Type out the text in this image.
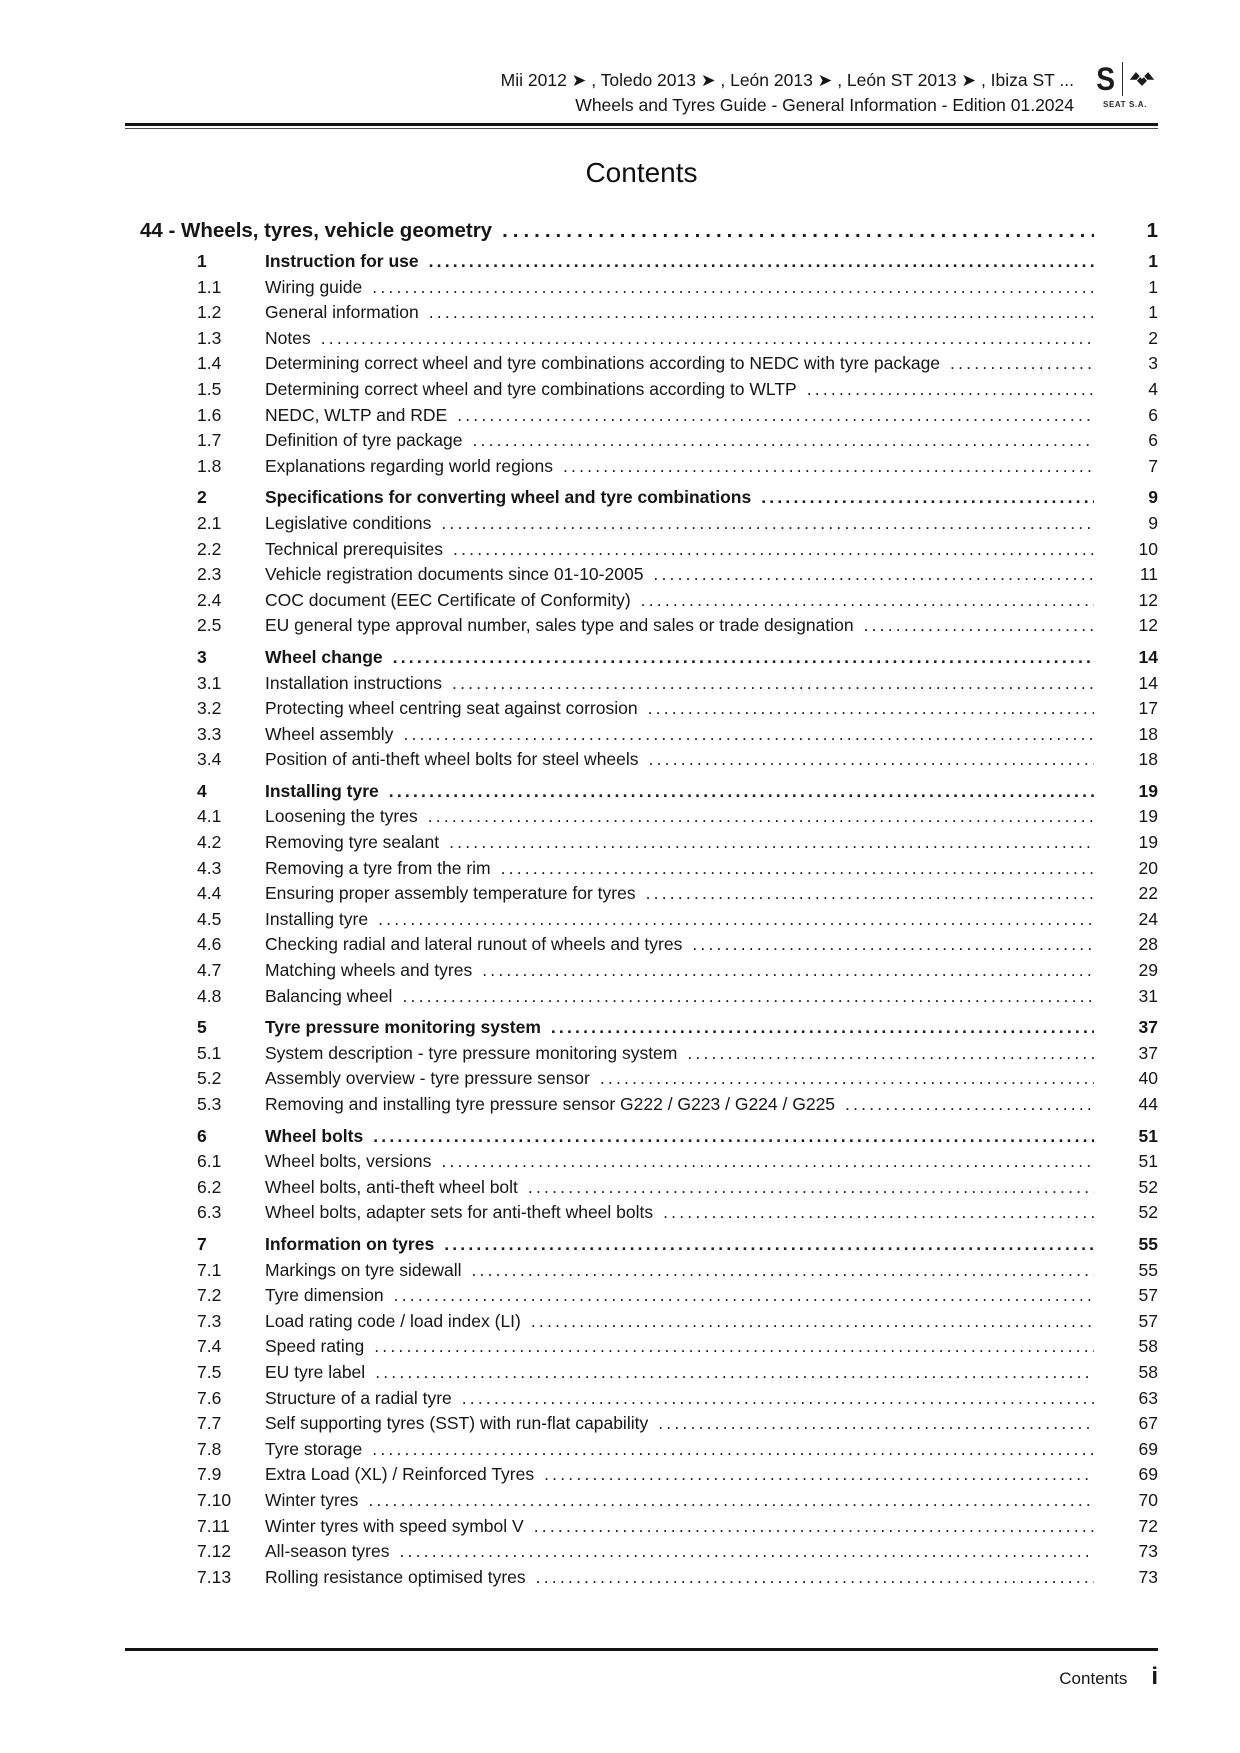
Mii 2012 ➤ , Toledo 2013 ➤ , León 2013 ➤ , León ST 2013 ➤ , Ibiza ST ...
Wheels and Tyres Guide - General Information - Edition 01.2024
S
SEAT S.A.
Contents
44 - Wheels, tyres, vehicle geometry .....	1
1	Instruction for use .....	1
1.1	Wiring guide .....	1
1.2	General information .....	1
1.3	Notes .....	2
1.4	Determining correct wheel and tyre combinations according to NEDC with tyre package .....	3
1.5	Determining correct wheel and tyre combinations according to WLTP .....	4
1.6	NEDC, WLTP and RDE .....	6
1.7	Definition of tyre package .....	6
1.8	Explanations regarding world regions .....	7
2	Specifications for converting wheel and tyre combinations .....	9
2.1	Legislative conditions .....	9
2.2	Technical prerequisites .....	10
2.3	Vehicle registration documents since 01-10-2005 .....	11
2.4	COC document (EEC Certificate of Conformity) .....	12
2.5	EU general type approval number, sales type and sales or trade designation .....	12
3	Wheel change .....	14
3.1	Installation instructions .....	14
3.2	Protecting wheel centring seat against corrosion .....	17
3.3	Wheel assembly .....	18
3.4	Position of anti-theft wheel bolts for steel wheels .....	18
4	Installing tyre .....	19
4.1	Loosening the tyres .....	19
4.2	Removing tyre sealant .....	19
4.3	Removing a tyre from the rim .....	20
4.4	Ensuring proper assembly temperature for tyres .....	22
4.5	Installing tyre .....	24
4.6	Checking radial and lateral runout of wheels and tyres .....	28
4.7	Matching wheels and tyres .....	29
4.8	Balancing wheel .....	31
5	Tyre pressure monitoring system .....	37
5.1	System description - tyre pressure monitoring system .....	37
5.2	Assembly overview - tyre pressure sensor .....	40
5.3	Removing and installing tyre pressure sensor G222 / G223 / G224 / G225 .....	44
6	Wheel bolts .....	51
6.1	Wheel bolts, versions .....	51
6.2	Wheel bolts, anti-theft wheel bolt .....	52
6.3	Wheel bolts, adapter sets for anti-theft wheel bolts .....	52
7	Information on tyres .....	55
7.1	Markings on tyre sidewall .....	55
7.2	Tyre dimension .....	57
7.3	Load rating code / load index (LI) .....	57
7.4	Speed rating .....	58
7.5	EU tyre label .....	58
7.6	Structure of a radial tyre .....	63
7.7	Self supporting tyres (SST) with run-flat capability .....	67
7.8	Tyre storage .....	69
7.9	Extra Load (XL) / Reinforced Tyres .....	69
7.10	Winter tyres .....	70
7.11	Winter tyres with speed symbol V .....	72
7.12	All-season tyres .....	73
7.13	Rolling resistance optimised tyres .....	73
Contents i
